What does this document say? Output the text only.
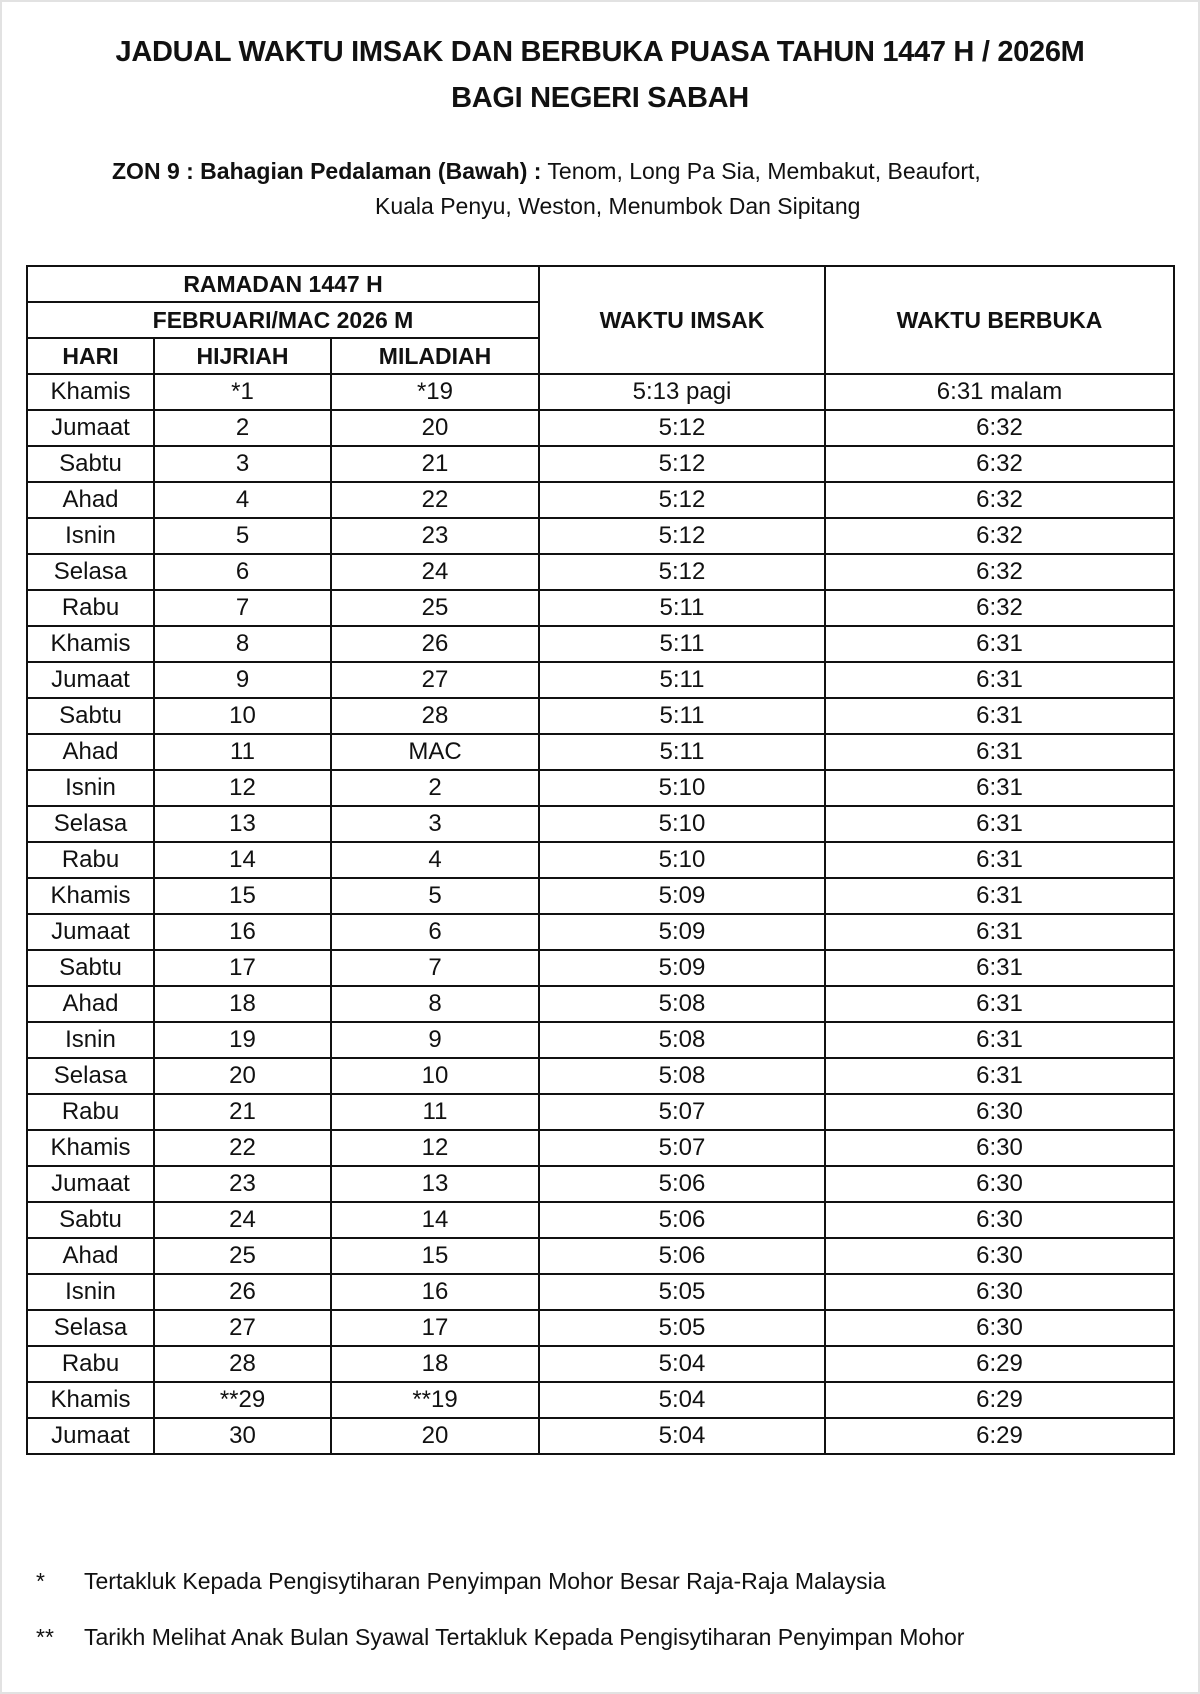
JADUAL WAKTU IMSAK DAN BERBUKA PUASA TAHUN 1447 H / 2026M
BAGI NEGERI SABAH
ZON 9 : Bahagian Pedalaman (Bawah) : Tenom, Long Pa Sia, Membakut, Beaufort,
Kuala Penyu, Weston, Menumbok Dan Sipitang
RAMADAN 1447 H			WAKTU IMSAK	WAKTU BERBUKA
FEBRUARI/MAC 2026 M				
HARI	HIJRIAH	MILADIAH		
Khamis	*1	*19	5:13 pagi	6:31 malam
Jumaat	2	20	5:12	6:32
Sabtu	3	21	5:12	6:32
Ahad	4	22	5:12	6:32
Isnin	5	23	5:12	6:32
Selasa	6	24	5:12	6:32
Rabu	7	25	5:11	6:32
Khamis	8	26	5:11	6:31
Jumaat	9	27	5:11	6:31
Sabtu	10	28	5:11	6:31
Ahad	11	MAC	5:11	6:31
Isnin	12	2	5:10	6:31
Selasa	13	3	5:10	6:31
Rabu	14	4	5:10	6:31
Khamis	15	5	5:09	6:31
Jumaat	16	6	5:09	6:31
Sabtu	17	7	5:09	6:31
Ahad	18	8	5:08	6:31
Isnin	19	9	5:08	6:31
Selasa	20	10	5:08	6:31
Rabu	21	11	5:07	6:30
Khamis	22	12	5:07	6:30
Jumaat	23	13	5:06	6:30
Sabtu	24	14	5:06	6:30
Ahad	25	15	5:06	6:30
Isnin	26	16	5:05	6:30
Selasa	27	17	5:05	6:30
Rabu	28	18	5:04	6:29
Khamis	**29	**19	5:04	6:29
Jumaat	30	20	5:04	6:29
* Tertakluk Kepada Pengisytiharan Penyimpan Mohor Besar Raja-Raja Malaysia
** Tarikh Melihat Anak Bulan Syawal Tertakluk Kepada Pengisytiharan Penyimpan Mohor
